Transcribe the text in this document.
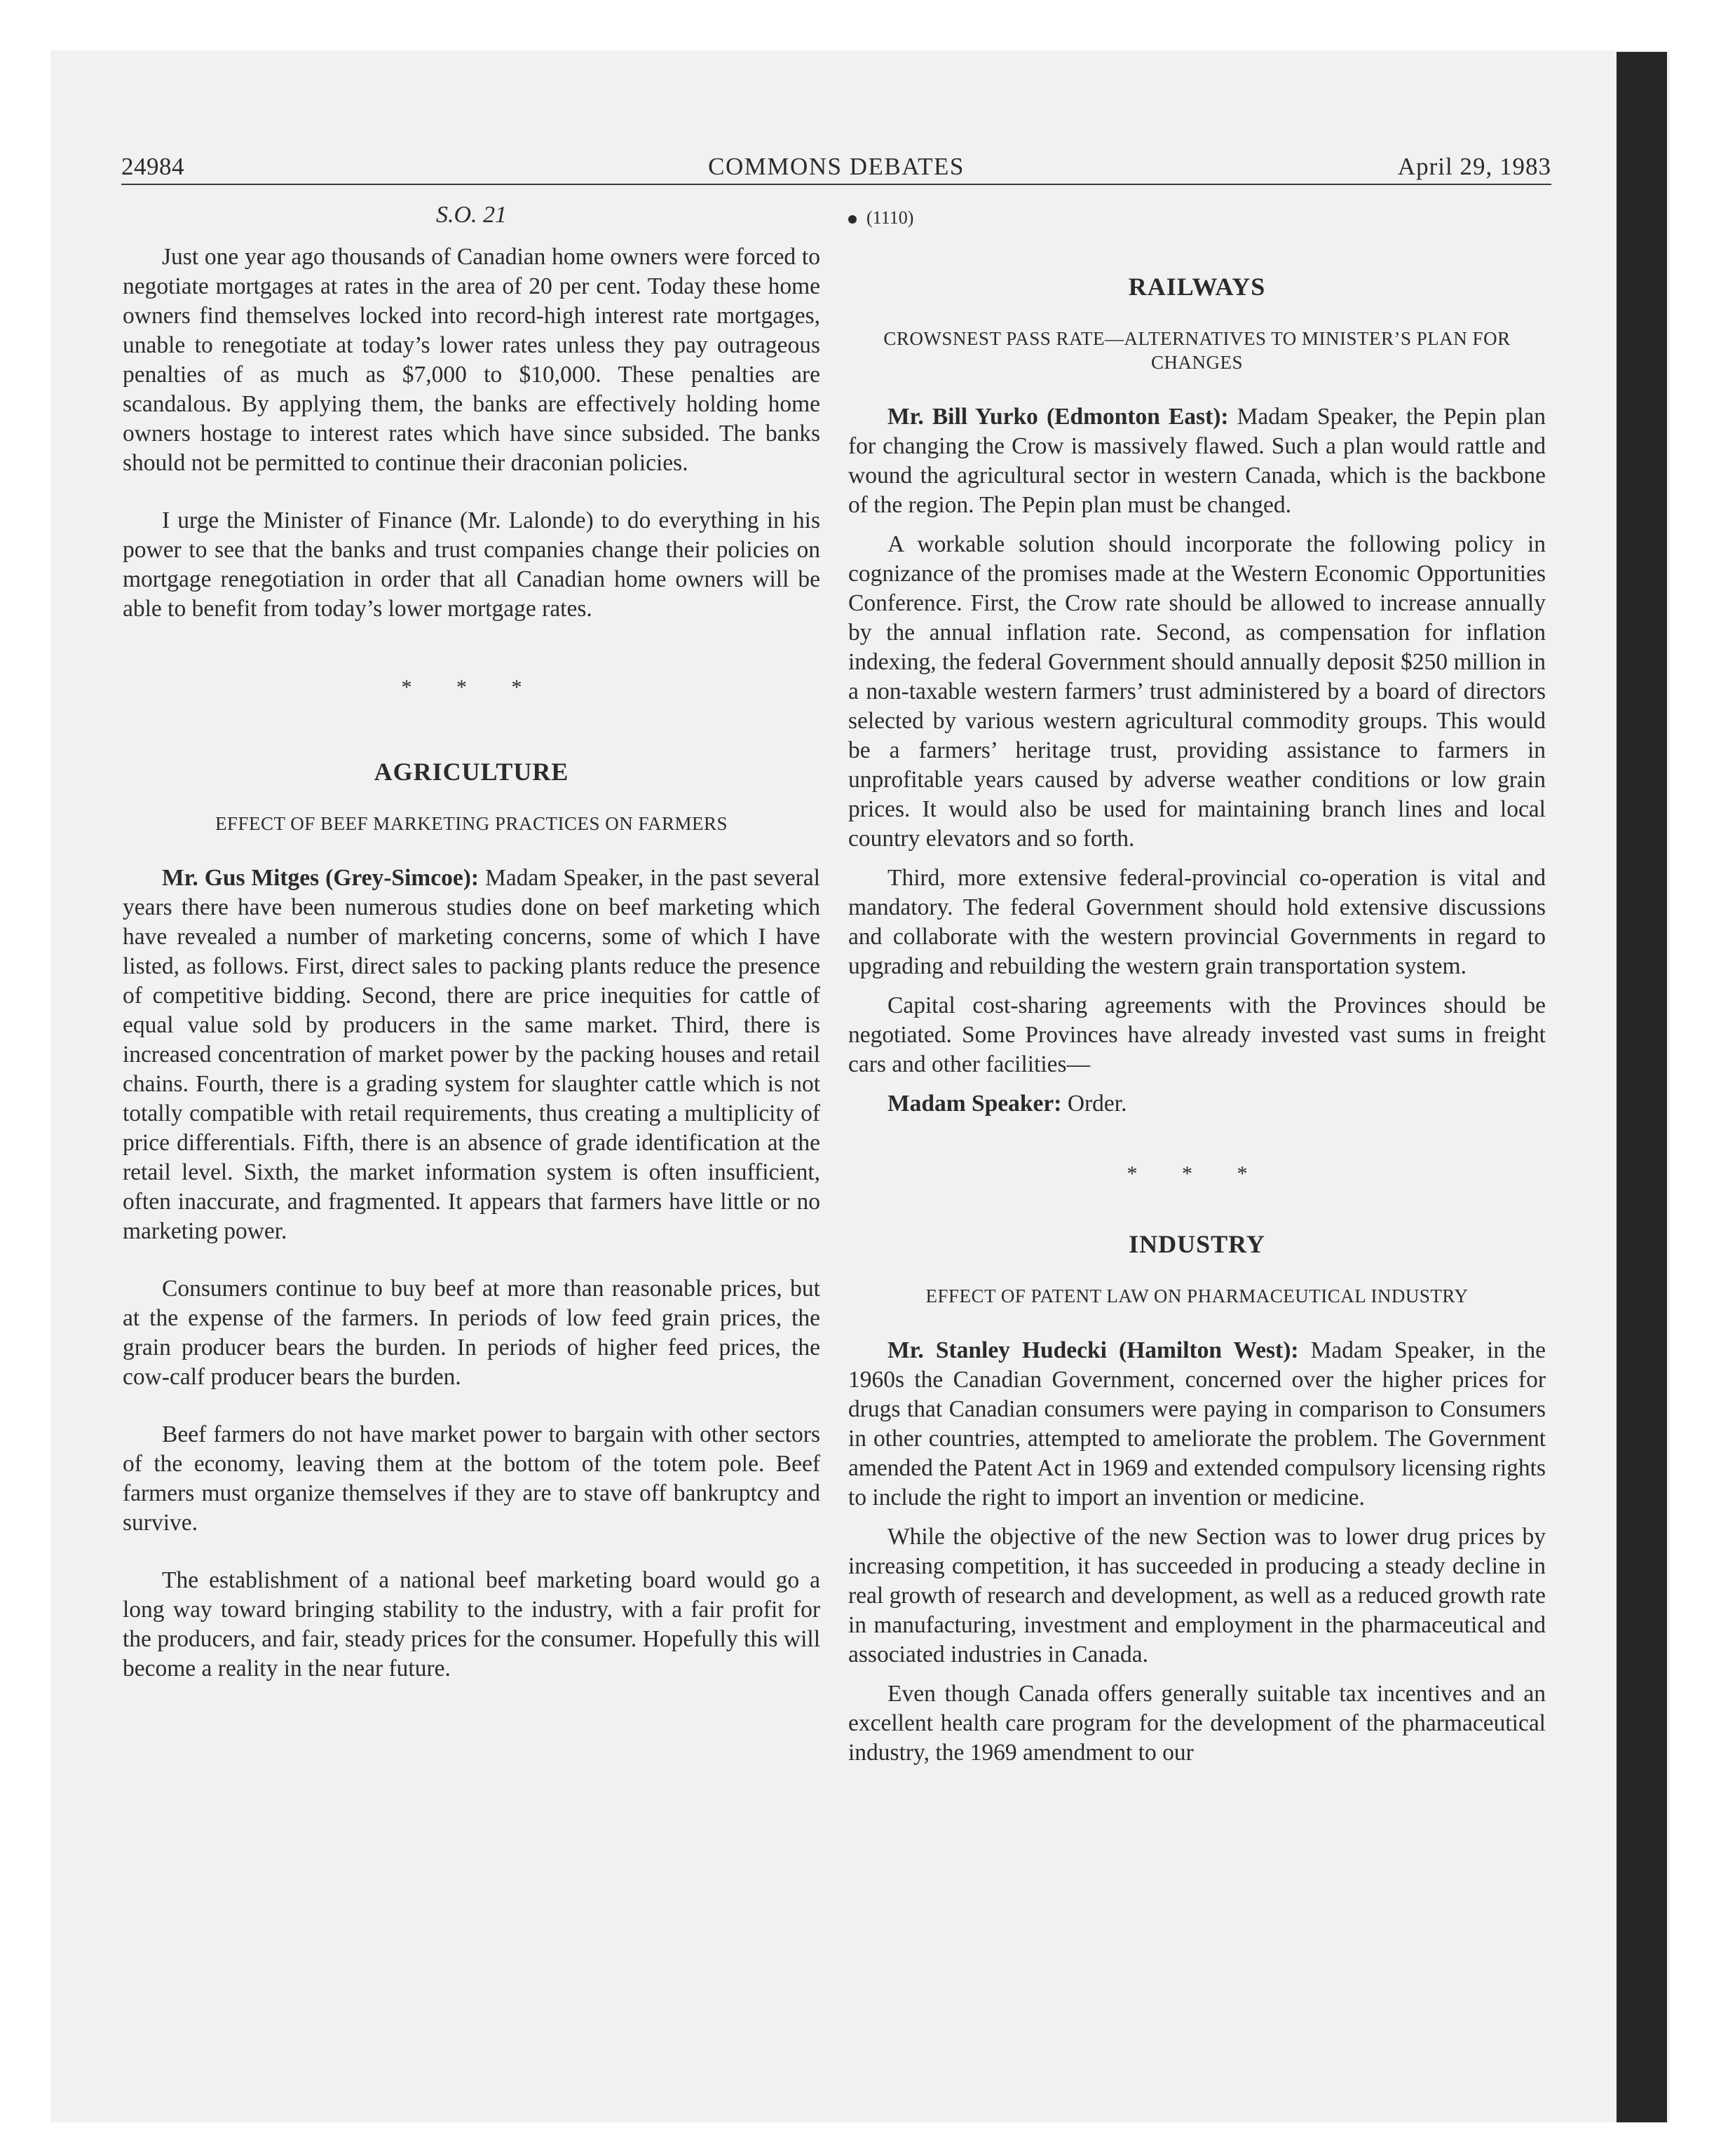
24984	COMMONS DEBATES	April 29, 1983
S.O. 21

Just one year ago thousands of Canadian home owners were forced to negotiate mortgages at rates in the area of 20 per cent. Today these home owners find themselves locked into record-high interest rate mortgages, unable to renegotiate at today’s lower rates unless they pay outrageous penalties of as much as $7,000 to $10,000. These penalties are scandalous. By applying them, the banks are effectively holding home owners hostage to interest rates which have since subsided. The banks should not be permitted to continue their draconian policies.

I urge the Minister of Finance (Mr. Lalonde) to do everything in his power to see that the banks and trust companies change their policies on mortgage renegotiation in order that all Canadian home owners will be able to benefit from today’s lower mortgage rates.

* * *
AGRICULTURE
EFFECT OF BEEF MARKETING PRACTICES ON FARMERS

Mr. Gus Mitges (Grey-Simcoe): Madam Speaker, in the past several years there have been numerous studies done on beef marketing which have revealed a number of marketing concerns, some of which I have listed, as follows. First, direct sales to packing plants reduce the presence of competitive bidding. Second, there are price inequities for cattle of equal value sold by producers in the same market. Third, there is increased concentration of market power by the packing houses and retail chains. Fourth, there is a grading system for slaughter cattle which is not totally compatible with retail requirements, thus creating a multiplicity of price differentials. Fifth, there is an absence of grade identification at the retail level. Sixth, the market information system is often insufficient, often inaccurate, and fragmented. It appears that farmers have little or no marketing power.

Consumers continue to buy beef at more than reasonable prices, but at the expense of the farmers. In periods of low feed grain prices, the grain producer bears the burden. In periods of higher feed prices, the cow-calf producer bears the burden.

Beef farmers do not have market power to bargain with other sectors of the economy, leaving them at the bottom of the totem pole. Beef farmers must organize themselves if they are to stave off bankruptcy and survive.

The establishment of a national beef marketing board would go a long way toward bringing stability to the industry, with a fair profit for the producers, and fair, steady prices for the consumer. Hopefully this will become a reality in the near future.

(1110)
RAILWAYS
CROWSNEST PASS RATE—ALTERNATIVES TO MINISTER’S PLAN FOR CHANGES

Mr. Bill Yurko (Edmonton East): Madam Speaker, the Pepin plan for changing the Crow is massively flawed. Such a plan would rattle and wound the agricultural sector in western Canada, which is the backbone of the region. The Pepin plan must be changed.

A workable solution should incorporate the following policy in cognizance of the promises made at the Western Economic Opportunities Conference. First, the Crow rate should be allowed to increase annually by the annual inflation rate. Second, as compensation for inflation indexing, the federal Government should annually deposit $250 million in a non-taxable western farmers’ trust administered by a board of directors selected by various western agricultural commodity groups. This would be a farmers’ heritage trust, providing assistance to farmers in unprofitable years caused by adverse weather conditions or low grain prices. It would also be used for maintaining branch lines and local country elevators and so forth.

Third, more extensive federal-provincial co-operation is vital and mandatory. The federal Government should hold extensive discussions and collaborate with the western provincial Governments in regard to upgrading and rebuilding the western grain transportation system.

Capital cost-sharing agreements with the Provinces should be negotiated. Some Provinces have already invested vast sums in freight cars and other facilities—

Madam Speaker: Order.

* * *
INDUSTRY
EFFECT OF PATENT LAW ON PHARMACEUTICAL INDUSTRY

Mr. Stanley Hudecki (Hamilton West): Madam Speaker, in the 1960s the Canadian Government, concerned over the higher prices for drugs that Canadian consumers were paying in comparison to Consumers in other countries, attempted to ameliorate the problem. The Government amended the Patent Act in 1969 and extended compulsory licensing rights to include the right to import an invention or medicine.

While the objective of the new Section was to lower drug prices by increasing competition, it has succeeded in producing a steady decline in real growth of research and development, as well as a reduced growth rate in manufacturing, investment and employment in the pharmaceutical and associated industries in Canada.

Even though Canada offers generally suitable tax incentives and an excellent health care program for the development of the pharmaceutical industry, the 1969 amendment to our
